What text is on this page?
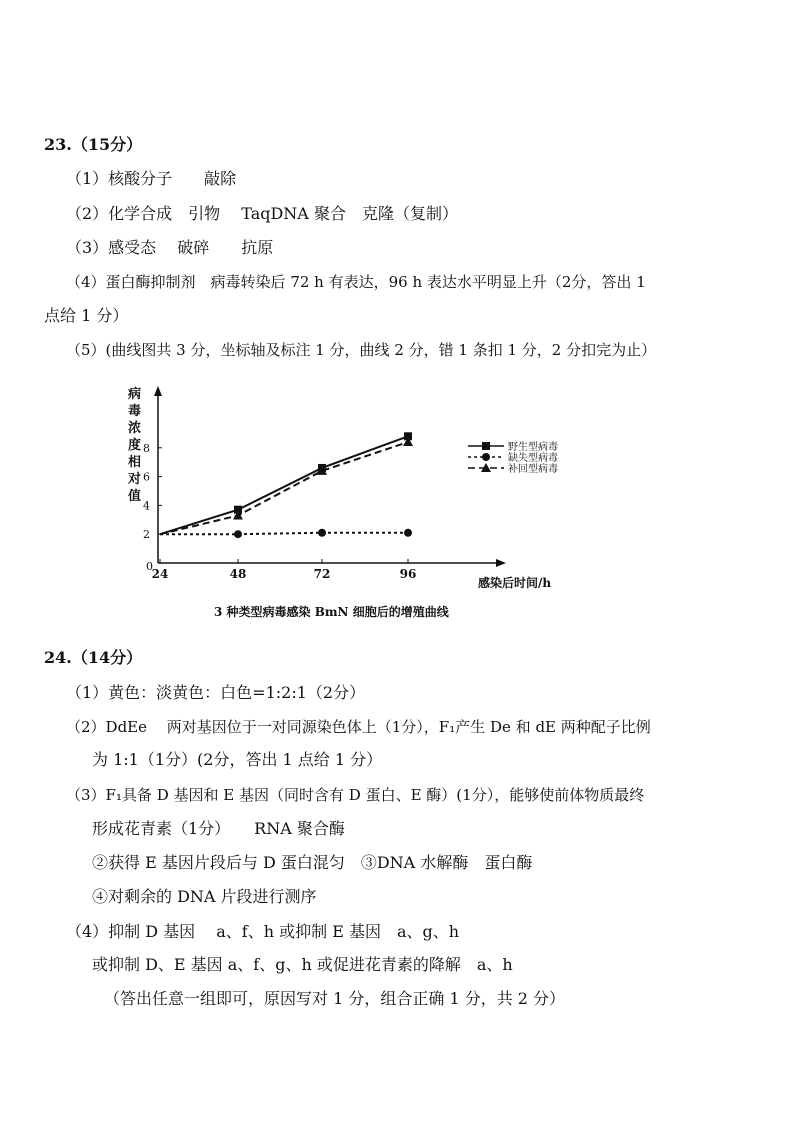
23.（15分）
（1）核酸分子　　敲除
（2）化学合成　引物　 TaqDNA 聚合　克隆（复制）
（3）感受态　 破碎　　抗原
（4）蛋白酶抑制剂　病毒转染后 72 h 有表达，96 h 表达水平明显上升（2分，答出 1
点给 1 分）
（5）(曲线图共 3 分，坐标轴及标注 1 分，曲线 2 分，错 1 条扣 1 分，2 分扣完为止）
病
毒
浓
度
相
对
值
0
2
4
6
8
24	48	72	96
野生型病毒
缺失型病毒
补回型病毒
感染后时间/h
3 种类型病毒感染 BmN 细胞后的增殖曲线
24.（14分）
（1）黄色：淡黄色：白色=1:2:1（2分）
（2）DdEe　 两对基因位于一对同源染色体上（1分），F₁产生 De 和 dE 两种配子比例
为 1:1（1分）(2分，答出 1 点给 1 分）
（3）F₁具备 D 基因和 E 基因（同时含有 D 蛋白、E 酶）(1分），能够使前体物质最终
形成花青素（1分）　　RNA 聚合酶
②获得 E 基因片段后与 D 蛋白混匀　③DNA 水解酶　蛋白酶
④对剩余的 DNA 片段进行测序
（4）抑制 D 基因　 a、f、h 或抑制 E 基因　a、g、h
或抑制 D、E 基因 a、f、g、h 或促进花青素的降解　a、h
（答出任意一组即可，原因写对 1 分，组合正确 1 分，共 2 分）
